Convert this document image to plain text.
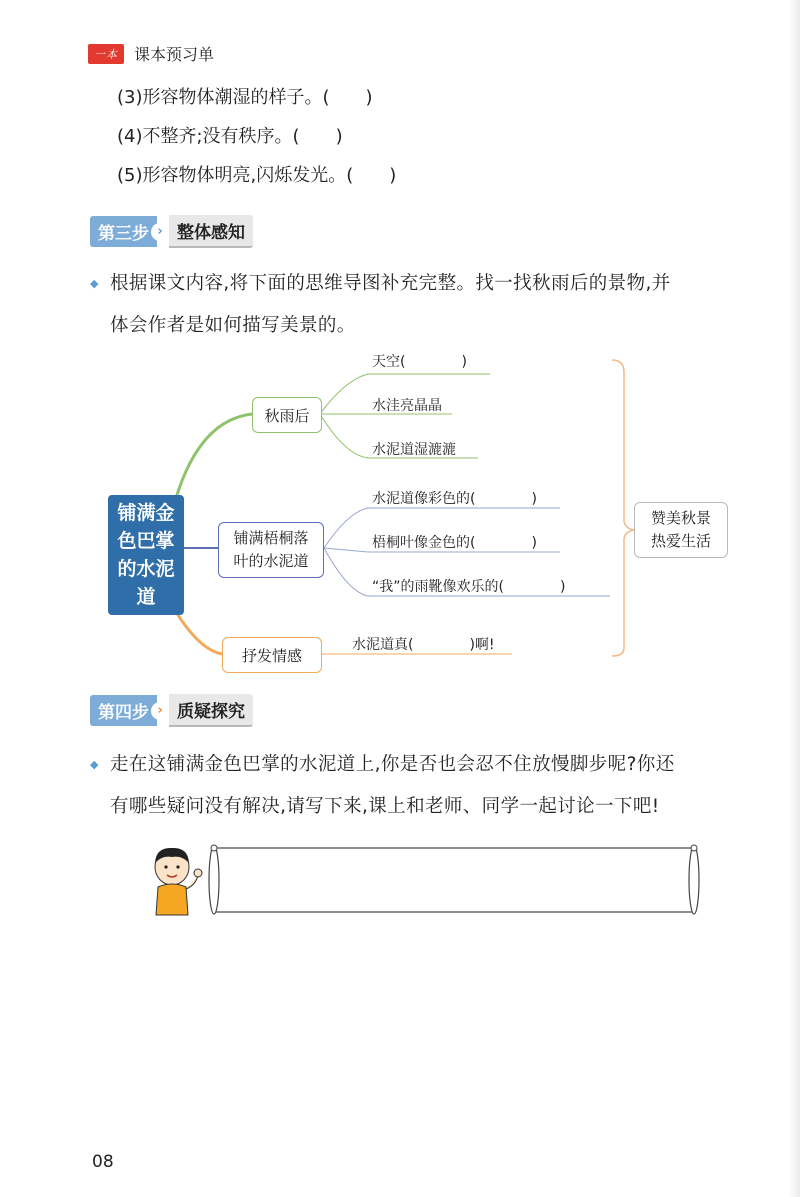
一本	课本预习单
(3)形容物体潮湿的样子。(　　)
(4)不整齐;没有秩序。(　　)
(5)形容物体明亮,闪烁发光。(　　)
第三步 › 整体感知
◆ 根据课文内容,将下面的思维导图补充完整。找一找秋雨后的景物,并
体会作者是如何描写美景的。
铺满金
色巴掌
的水泥
道
秋雨后
天空(　　　　)
水洼亮晶晶
水泥道湿漉漉
铺满梧桐落
叶的水泥道
水泥道像彩色的(　　　　)
梧桐叶像金色的(　　　　)
“我”的雨靴像欢乐的(　　　　)
抒发情感
水泥道真(　　　　)啊!
赞美秋景
热爱生活
第四步 › 质疑探究
◆ 走在这铺满金色巴掌的水泥道上,你是否也会忍不住放慢脚步呢?你还
有哪些疑问没有解决,请写下来,课上和老师、同学一起讨论一下吧!
08
